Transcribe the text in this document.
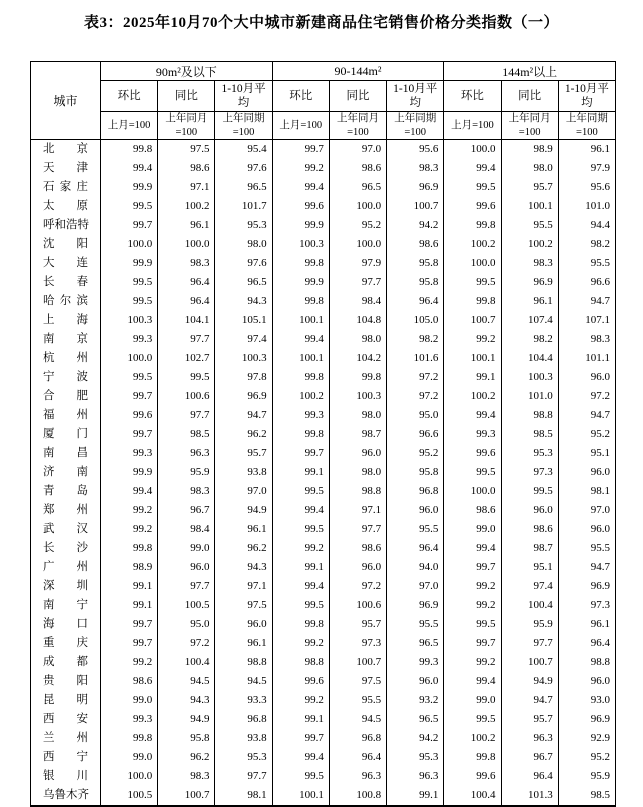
表3：2025年10月70个大中城市新建商品住宅销售价格分类指数（一）
城市	90m²及以下			90-144m²			144m²以上		
	环比	同比	1-10月平均	环比	同比	1-10月平均	环比	同比	1-10月平均
	上月=100	上年同月=100	上年同期=100	上月=100	上年同月=100	上年同期=100	上月=100	上年同月=100	上年同期=100

北 京	99.8	97.5	95.4	99.7	97.0	95.6	100.0	98.9	96.1

天 津	99.4	98.6	97.6	99.2	98.6	98.3	99.4	98.0	97.9

石 家 庄	99.9	97.1	96.5	99.4	96.5	96.9	99.5	95.7	95.6

太 原	99.5	100.2	101.7	99.6	100.0	100.7	99.6	100.1	101.0

呼 和 浩 特	99.7	96.1	95.3	99.9	95.2	94.2	99.8	95.5	94.4

沈 阳	100.0	100.0	98.0	100.3	100.0	98.6	100.2	100.2	98.2

大 连	99.9	98.3	97.6	99.8	97.9	95.8	100.0	98.3	95.5

长 春	99.5	96.4	96.5	99.9	97.7	95.8	99.5	96.9	96.6

哈 尔 滨	99.5	96.4	94.3	99.8	98.4	96.4	99.8	96.1	94.7

上 海	100.3	104.1	105.1	100.1	104.8	105.0	100.7	107.4	107.1

南 京	99.3	97.7	97.4	99.4	98.0	98.2	99.2	98.2	98.3

杭 州	100.0	102.7	100.3	100.1	104.2	101.6	100.1	104.4	101.1

宁 波	99.5	99.5	97.8	99.8	99.8	97.2	99.1	100.3	96.0

合 肥	99.7	100.6	96.9	100.2	100.3	97.2	100.2	101.0	97.2

福 州	99.6	97.7	94.7	99.3	98.0	95.0	99.4	98.8	94.7

厦 门	99.7	98.5	96.2	99.8	98.7	96.6	99.3	98.5	95.2

南 昌	99.3	96.3	95.7	99.7	96.0	95.2	99.6	95.3	95.1

济 南	99.9	95.9	93.8	99.1	98.0	95.8	99.5	97.3	96.0

青 岛	99.4	98.3	97.0	99.5	98.8	96.8	100.0	99.5	98.1

郑 州	99.2	96.7	94.9	99.4	97.1	96.0	98.6	96.0	97.0

武 汉	99.2	98.4	96.1	99.5	97.7	95.5	99.0	98.6	96.0

长 沙	99.8	99.0	96.2	99.2	98.6	96.4	99.4	98.7	95.5

广 州	98.9	96.0	94.3	99.1	96.0	94.0	99.7	95.1	94.7

深 圳	99.1	97.7	97.1	99.4	97.2	97.0	99.2	97.4	96.9

南 宁	99.1	100.5	97.5	99.5	100.6	96.9	99.2	100.4	97.3

海 口	99.7	95.0	96.0	99.8	95.7	95.5	99.5	95.9	96.1

重 庆	99.7	97.2	96.1	99.2	97.3	96.5	99.7	97.7	96.4

成 都	99.2	100.4	98.8	98.8	100.7	99.3	99.2	100.7	98.8

贵 阳	98.6	94.5	94.5	99.6	97.5	96.0	99.4	94.9	96.0

昆 明	99.0	94.3	93.3	99.2	95.5	93.2	99.0	94.7	93.0

西 安	99.3	94.9	96.8	99.1	94.5	96.5	99.5	95.7	96.9

兰 州	99.8	95.8	93.8	99.7	96.8	94.2	100.2	96.3	92.9

西 宁	99.0	96.2	95.3	99.4	96.4	95.3	99.8	96.7	95.2

银 川	100.0	98.3	97.7	99.5	96.3	96.3	99.6	96.4	95.9

乌 鲁 木 齐	100.5	100.7	98.1	100.1	100.8	99.1	100.4	101.3	98.5
